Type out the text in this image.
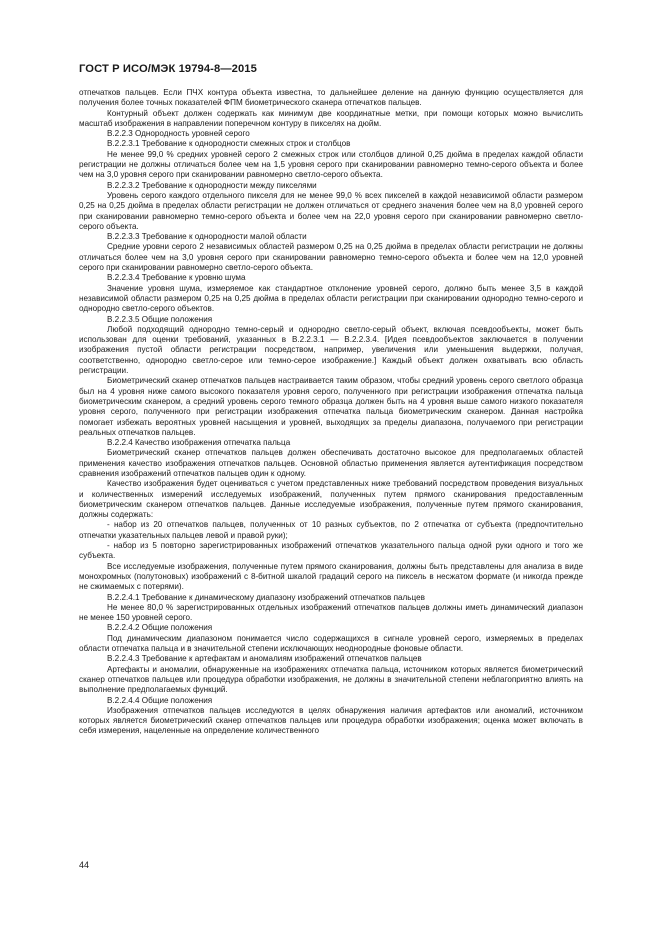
ГОСТ Р ИСО/МЭК 19794-8—2015

отпечатков пальцев. Если ПЧХ контура объекта известна, то дальнейшее деление на данную функцию осуществляется для получения более точных показателей ФПМ биометрического сканера отпечатков пальцев.

Контурный объект должен содержать как минимум две координатные метки, при помощи которых можно вычислить масштаб изображения в направлении поперечном контуру в пикселях на дюйм.

В.2.2.3 Однородность уровней серого

В.2.2.3.1 Требование к однородности смежных строк и столбцов

Не менее 99,0 % средних уровней серого 2 смежных строк или столбцов длиной 0,25 дюйма в пределах каждой области регистрации не должны отличаться более чем на 1,5 уровня серого при сканировании равномерно темно-серого объекта и более чем на 3,0 уровня серого при сканировании равномерно светло-серого объекта.

В.2.2.3.2 Требование к однородности между пикселями

Уровень серого каждого отдельного пикселя для не менее 99,0 % всех пикселей в каждой независимой области размером 0,25 на 0,25 дюйма в пределах области регистрации не должен отличаться от среднего значения более чем на 8,0 уровней серого при сканировании равномерно темно-серого объекта и более чем на 22,0 уровня серого при сканировании равномерно светло-серого объекта.

В.2.2.3.3 Требование к однородности малой области

Средние уровни серого 2 независимых областей размером 0,25 на 0,25 дюйма в пределах области регистрации не должны отличаться более чем на 3,0 уровня серого при сканировании равномерно темно-серого объекта и более чем на 12,0 уровней серого при сканировании равномерно светло-серого объекта.

В.2.2.3.4 Требование к уровню шума

Значение уровня шума, измеряемое как стандартное отклонение уровней серого, должно быть менее 3,5 в каждой независимой области размером 0,25 на 0,25 дюйма в пределах области регистрации при сканировании однородно темно-серого и однородно светло-серого объектов.

В.2.2.3.5 Общие положения

Любой подходящий однородно темно-серый и однородно светло-серый объект, включая псевдообъекты, может быть использован для оценки требований, указанных в В.2.2.3.1 — В.2.2.3.4. [Идея псевдообъектов заключается в получении изображения пустой области регистрации посредством, например, увеличения или уменьшения выдержки, получая, соответственно, однородно светло-серое или темно-серое изображение.] Каждый объект должен охватывать всю область регистрации.

Биометрический сканер отпечатков пальцев настраивается таким образом, чтобы средний уровень серого светлого образца был на 4 уровня ниже самого высокого показателя уровня серого, полученного при регистрации изображения отпечатка пальца биометрическим сканером, а средний уровень серого темного образца должен быть на 4 уровня выше самого низкого показателя уровня серого, полученного при регистрации изображения отпечатка пальца биометрическим сканером. Данная настройка помогает избежать вероятных уровней насыщения и уровней, выходящих за пределы диапазона, получаемого при регистрации реальных отпечатков пальцев.

В.2.2.4 Качество изображения отпечатка пальца

Биометрический сканер отпечатков пальцев должен обеспечивать достаточно высокое для предполагаемых областей применения качество изображения отпечатков пальцев. Основной областью применения является аутентификация посредством сравнения изображений отпечатков пальцев один к одному.

Качество изображения будет оцениваться с учетом представленных ниже требований посредством проведения визуальных и количественных измерений исследуемых изображений, полученных путем прямого сканирования предоставленным биометрическим сканером отпечатков пальцев. Данные исследуемые изображения, полученные путем прямого сканирования, должны содержать:

- набор из 20 отпечатков пальцев, полученных от 10 разных субъектов, по 2 отпечатка от субъекта (предпочтительно отпечатки указательных пальцев левой и правой руки);

- набор из 5 повторно зарегистрированных изображений отпечатков указательного пальца одной руки одного и того же субъекта.

Все исследуемые изображения, полученные путем прямого сканирования, должны быть представлены для анализа в виде монохромных (полутоновых) изображений с 8-битной шкалой градаций серого на пиксель в несжатом формате (и никогда прежде не сжимаемых с потерями).

В.2.2.4.1 Требование к динамическому диапазону изображений отпечатков пальцев

Не менее 80,0 % зарегистрированных отдельных изображений отпечатков пальцев должны иметь динамический диапазон не менее 150 уровней серого.

В.2.2.4.2 Общие положения

Под динамическим диапазоном понимается число содержащихся в сигнале уровней серого, измеряемых в пределах области отпечатка пальца и в значительной степени исключающих неоднородные фоновые области.

В.2.2.4.3 Требование к артефактам и аномалиям изображений отпечатков пальцев

Артефакты и аномалии, обнаруженные на изображениях отпечатка пальца, источником которых является биометрический сканер отпечатков пальцев или процедура обработки изображения, не должны в значительной степени неблагоприятно влиять на выполнение предполагаемых функций.

В.2.2.4.4 Общие положения

Изображения отпечатков пальцев исследуются в целях обнаружения наличия артефактов или аномалий, источником которых является биометрический сканер отпечатков пальцев или процедура обработки изображения; оценка может включать в себя измерения, нацеленные на определение количественного

44
